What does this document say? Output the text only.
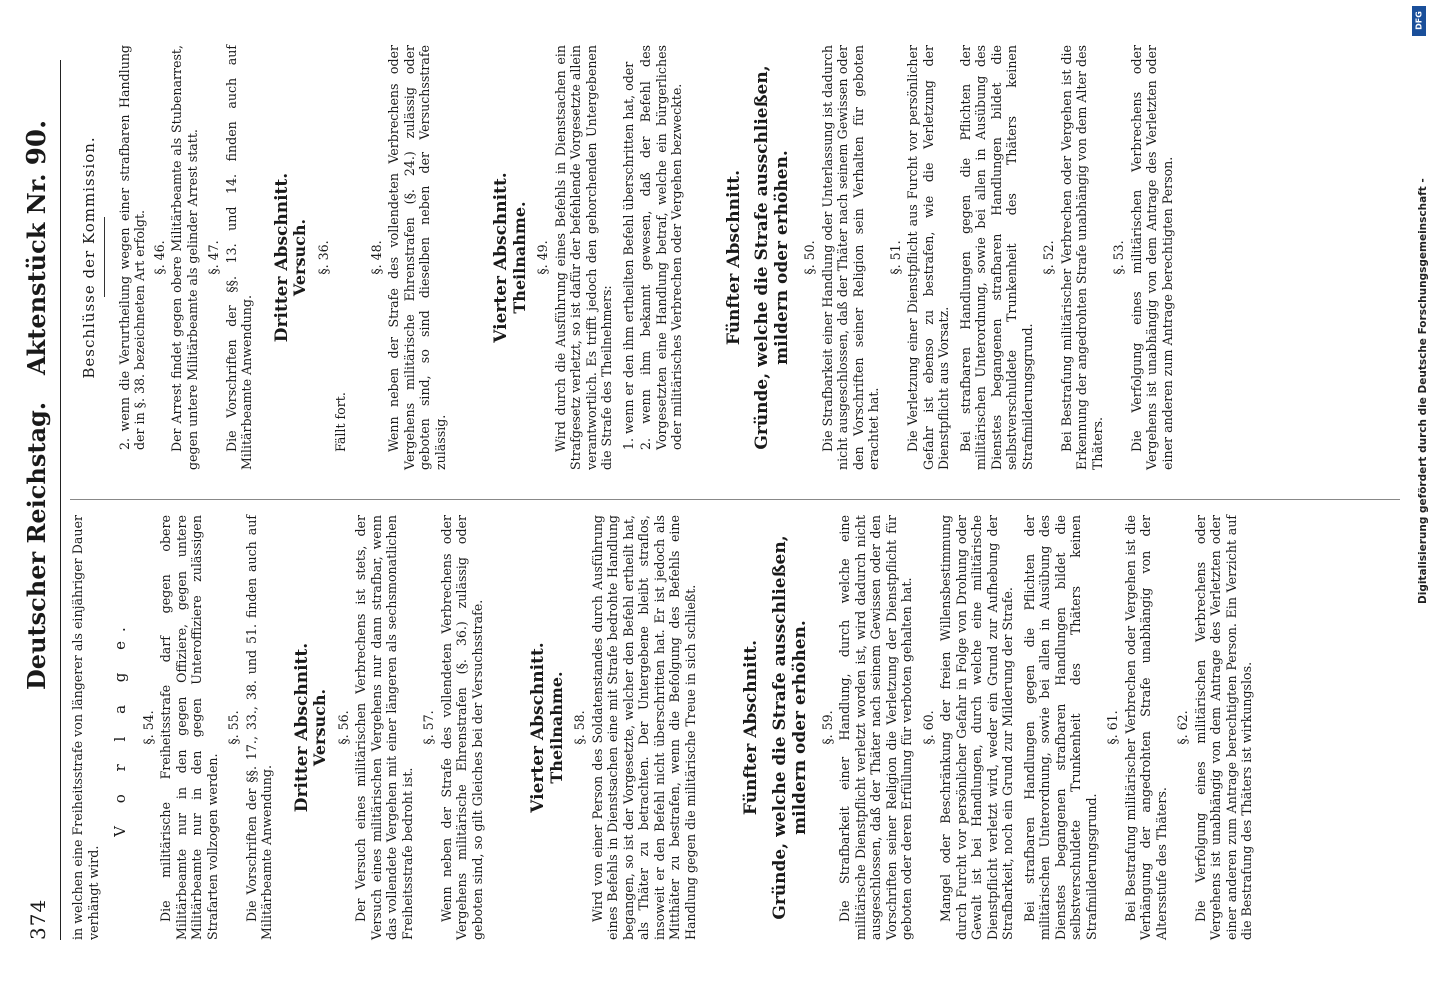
374
Deutscher Reichstag.
Aktenstück Nr. 90.

in welchen eine Freiheitsstrafe von längerer als einjähriger Dauer verhängt wird.

V o r l a g e. §. 54. Die militärische Freiheitsstrafe darf gegen obere Militärbeamte nur in den gegen Offiziere, gegen untere Militärbeamte nur in den gegen Unteroffiziere zulässigen Strafarten vollzogen werden.

§. 55. Die Vorschriften der §§. 17., 33., 38. und 51. finden auch auf Militärbeamte Anwendung.

Dritter Abschnitt.
Versuch. §. 56. Der Versuch eines militärischen Verbrechens ist stets, der Versuch eines militärischen Vergehens nur dann strafbar, wenn das vollendete Vergehen mit einer längeren als sechsmonatlichen Freiheitsstrafe bedroht ist.

§. 57. Wenn neben der Strafe des vollendeten Verbrechens oder Vergehens militärische Ehrenstrafen (§. 36.) zulässig oder geboten sind, so gilt Gleiches bei der Versuchsstrafe.	Vierter Abschnitt.
Theilnahme. §. 58. Wird von einer Person des Soldatenstandes durch Ausführung eines Befehls in Dienstsachen eine mit Strafe bedrohte Handlung begangen, so ist der Vorgesetzte, welcher den Befehl ertheilt hat, als Thäter zu betrachten. Der Untergebene bleibt straflos, insoweit er den Befehl nicht überschritten hat. Er ist jedoch als Mitthäter zu bestrafen, wenn die Befolgung des Befehls eine Handlung gegen die militärische Treue in sich schließt.	Fünfter Abschnitt. Gründe, welche die Strafe ausschließen, mildern oder erhöhen. §. 59. Die Strafbarkeit einer Handlung, durch welche eine militärische Dienstpflicht verletzt worden ist, wird dadurch nicht ausgeschlossen, daß der Thäter nach seinem Gewissen oder den Vorschriften seiner Religion die Verletzung der Dienstpflicht für geboten oder deren Erfüllung für verboten gehalten hat. §. 60. Mangel oder Beschränkung der freien Willensbestimmung durch Furcht vor persönlicher Gefahr in Folge von Drohung oder Gewalt ist bei Handlungen, durch welche eine militärische Dienstpflicht verletzt wird, weder ein Grund zur Aufhebung der Strafbarkeit, noch ein Grund zur Milderung der Strafe. Bei strafbaren Handlungen gegen die Pflichten der militärischen Unterordnung, sowie bei allen in Ausübung des Dienstes begangenen strafbaren Handlungen bildet die selbstverschuldete Trunkenheit des Thäters keinen Strafmilderungsgrund.

§. 61. Bei Bestrafung militärischer Verbrechen oder Vergehen ist die Verhängung der angedrohten Strafe unabhängig von der Altersstufe des Thäters.

§. 62. Die Verfolgung eines militärischen Verbrechens oder Vergehens ist unabhängig von dem Antrage des Verletzten oder einer anderen zum Antrage berechtigten Person. Ein Verzicht auf die Bestrafung des Thäters ist wirkungslos.

Beschlüsse der Kommission. 2. wenn die Verurtheilung wegen einer strafbaren Handlung der in §. 38. bezeichneten Art erfolgt. §. 46. Der Arrest findet gegen obere Militärbeamte als Stubenarrest, gegen untere Militärbeamte als gelinder Arrest statt. §. 47. Die Vorschriften der §§. 13. und 14. finden auch auf Militärbeamte Anwendung.

Dritter Abschnitt.
Versuch. §. 36.

Fällt fort.

§. 48. Wenn neben der Strafe des vollendeten Verbrechens oder Vergehens militärische Ehrenstrafen (§. 24.) zulässig oder geboten sind, so sind dieselben neben der Versuchsstrafe zulässig.

Vierter Abschnitt.
Theilnahme. §. 49. Wird durch die Ausführung eines Befehls in Dienstsachen ein Strafgesetz verletzt, so ist dafür der befehlende Vorgesetzte allein verantwortlich. Es trifft jedoch den gehorchenden Untergebenen die Strafe des Theilnehmers: 1. wenn er den ihm ertheilten Befehl überschritten hat, oder 2. wenn ihm bekannt gewesen, daß der Befehl des Vorgesetzten eine Handlung betraf, welche ein bürgerliches oder militärisches Verbrechen oder Vergehen bezweckte. Fünfter Abschnitt. Gründe, welche die Strafe ausschließen, mildern oder erhöhen. §. 50. Die Strafbarkeit einer Handlung oder Unterlassung ist dadurch nicht ausgeschlossen, daß der Thäter nach seinem Gewissen oder den Vorschriften seiner Religion sein Verhalten für geboten erachtet hat.

§. 51. Die Verletzung einer Dienstpflicht aus Furcht vor persönlicher Gefahr ist ebenso zu bestrafen, wie die Verletzung der Dienstpflicht aus Vorsatz. Bei strafbaren Handlungen gegen die Pflichten der militärischen Unterordnung, sowie bei allen in Ausübung des Dienstes begangenen strafbaren Handlungen bildet die selbstverschuldete Trunkenheit des Thäters keinen Strafmilderungsgrund.

§. 52. Bei Bestrafung militärischer Verbrechen oder Vergehen ist die Erkennung der angedrohten Strafe unabhängig von dem Alter des Thäters.

§. 53. Die Verfolgung eines militärischen Verbrechens oder Vergehens ist unabhängig von dem Antrage des Verletzten oder einer anderen zum Antrage berechtigten Person.

DFG
Digitalisierung gefördert durch die Deutsche Forschungsgemeinschaft -
